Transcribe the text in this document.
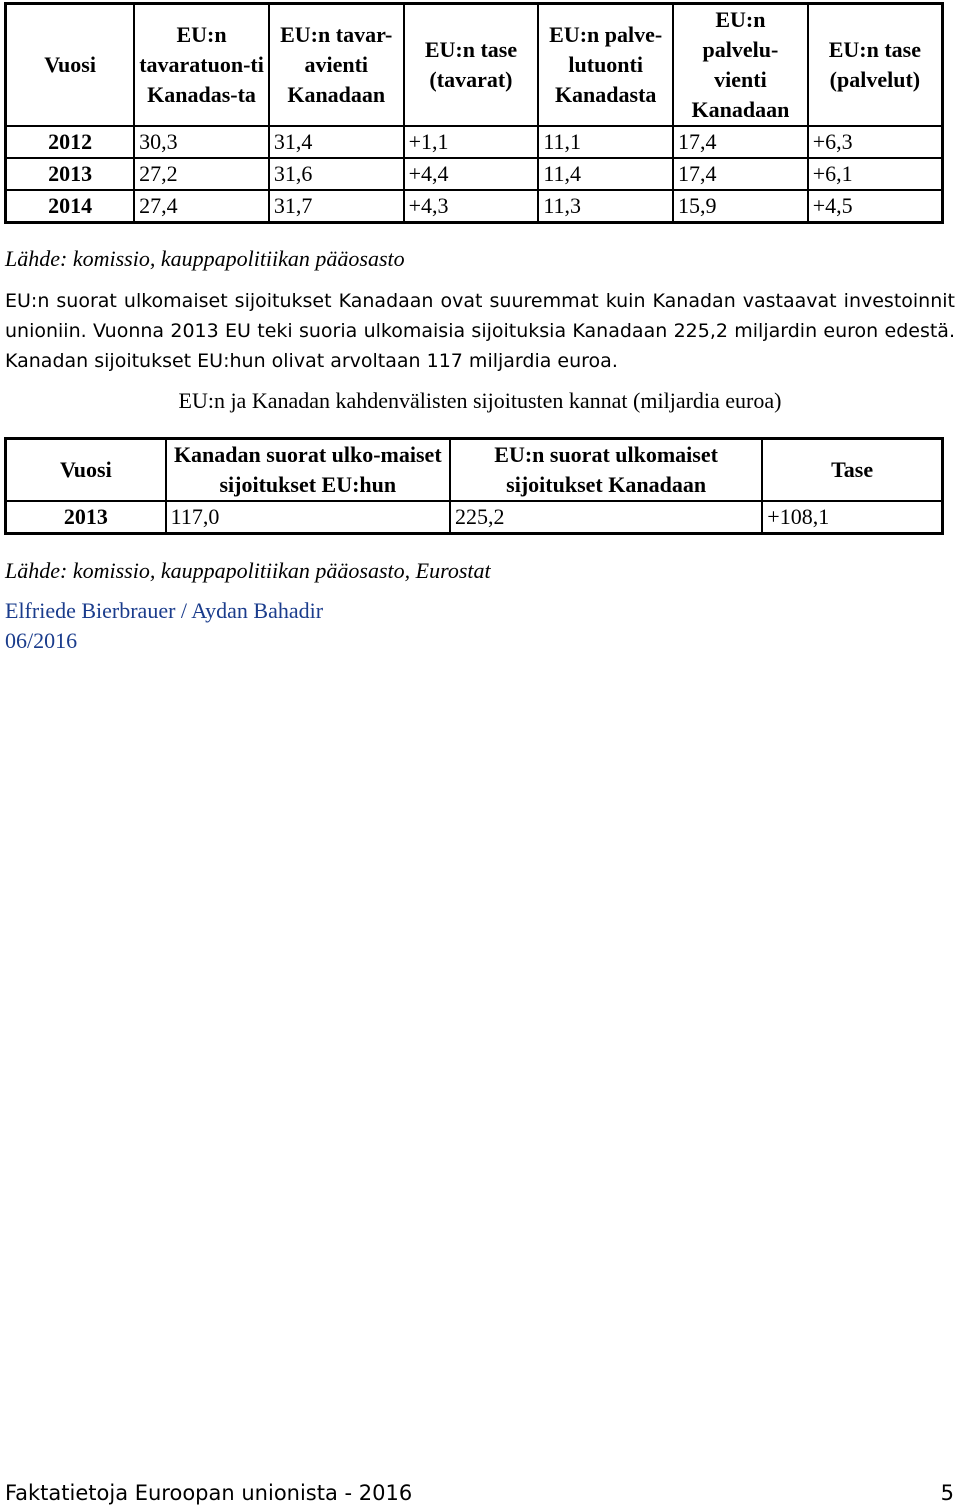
Vuosi	EU:n tavaratuon-ti Kanadas-ta	EU:n tavar-avienti Kanadaan	EU:n tase (tavarat)	EU:n palve-lutuonti Kanadasta	EU:n palvelu-vienti Kanadaan	EU:n tase (palvelut)
2012	30,3	31,4	+1,1	11,1	17,4	+6,3
2013	27,2	31,6	+4,4	11,4	17,4	+6,1
2014	27,4	31,7	+4,3	11,3	15,9	+4,5
Lähde: komissio, kauppapolitiikan pääosasto
EU:n suorat ulkomaiset sijoitukset Kanadaan ovat suuremmat kuin Kanadan vastaavat investoinnit unioniin. Vuonna 2013 EU teki suoria ulkomaisia sijoituksia Kanadaan 225,2 miljardin euron edestä. Kanadan sijoitukset EU:hun olivat arvoltaan 117 miljardia euroa.
EU:n ja Kanadan kahdenvälisten sijoitusten kannat (miljardia euroa)
Vuosi	Kanadan suorat ulko-maiset sijoitukset EU:hun	EU:n suorat ulkomaiset sijoitukset Kanadaan	Tase
2013	117,0	225,2	+108,1
Lähde: komissio, kauppapolitiikan pääosasto, Eurostat
Elfriede Bierbrauer / Aydan Bahadir
06/2016
Faktatietoja Euroopan unionista - 2016	5
